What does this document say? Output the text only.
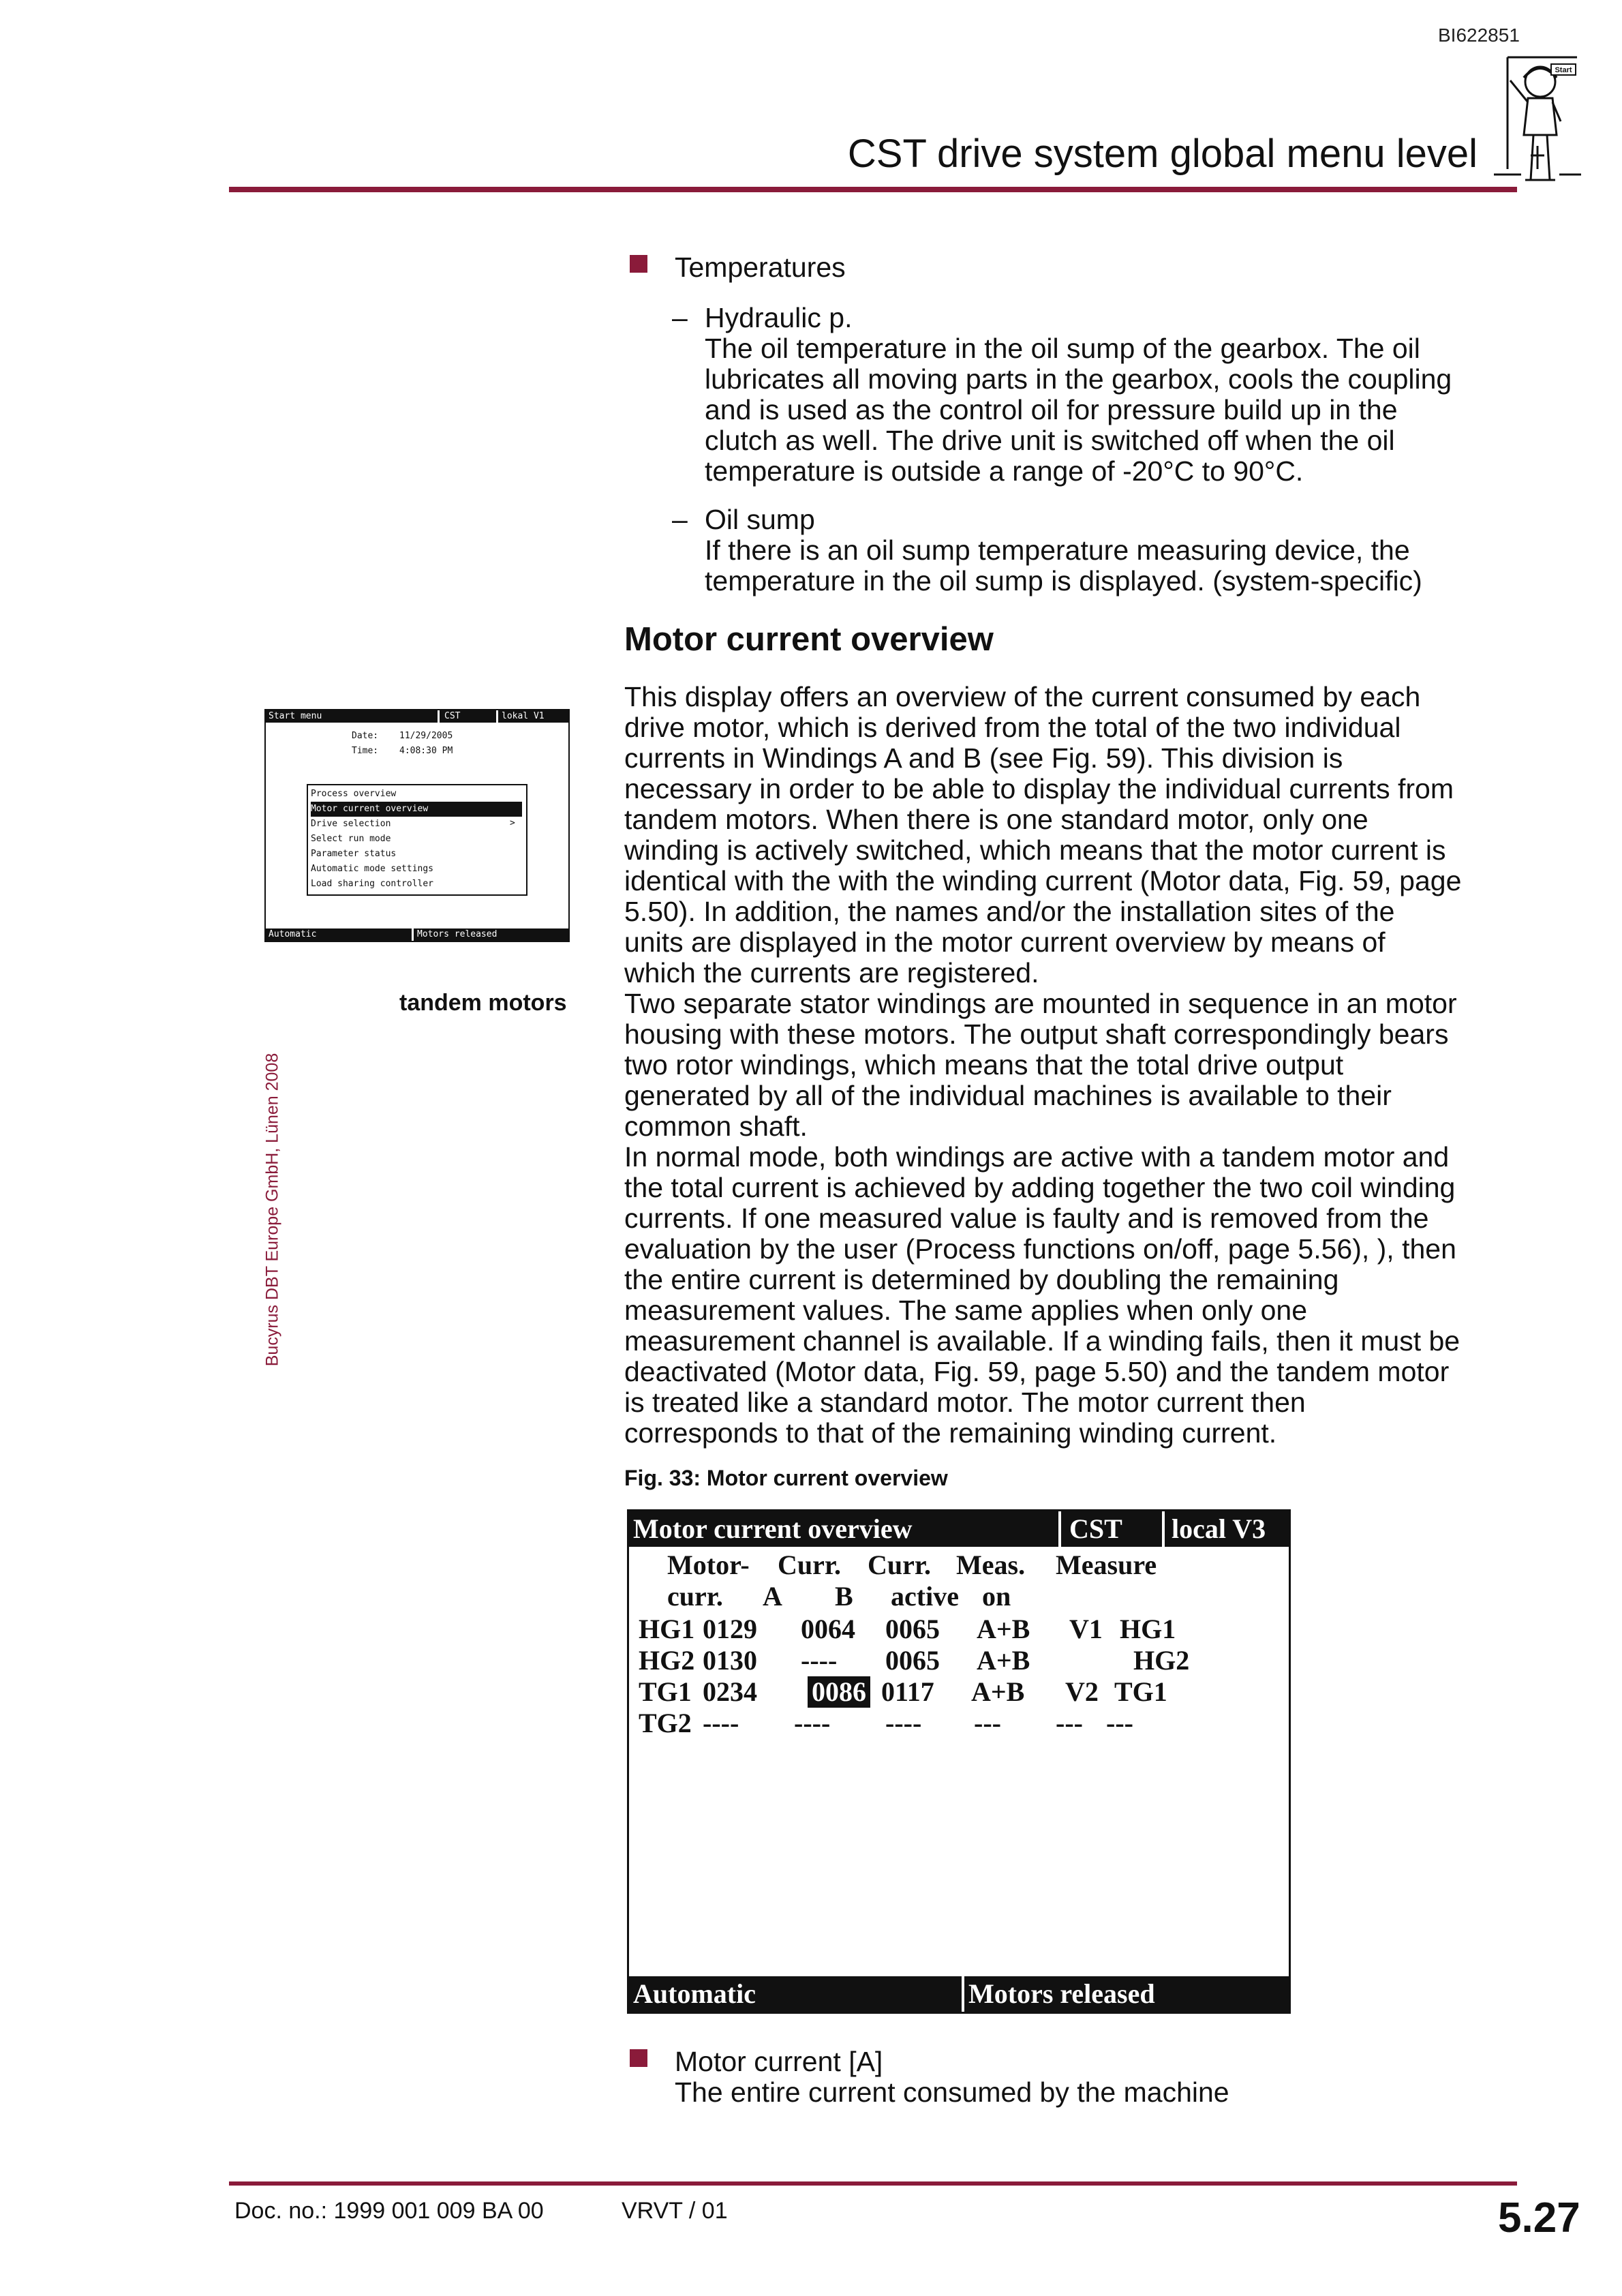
BI622851
CST drive system global menu level
Start
Bucyrus DBT Europe GmbH, Lünen 2008
Temperatures
– Hydraulic p.
The oil temperature in the oil sump of the gearbox. The oil
lubricates all moving parts in the gearbox, cools the coupling
and is used as the control oil for pressure build up in the
clutch as well. The drive unit is switched off when the oil
temperature is outside a range of -20°C to 90°C.
– Oil sump
If there is an oil sump temperature measuring device, the
temperature in the oil sump is displayed. (system-specific)
Motor current overview
Start menu	CST	lokal V1
Date: 11/29/2005
Time: 4:08:30 PM
Process overview
Motor current overview
Drive selection	>
Select run mode
Parameter status
Automatic mode settings
Load sharing controller
Automatic	Motors released
This display offers an overview of the current consumed by each
drive motor, which is derived from the total of the two individual
currents in Windings A and B (see Fig. 59). This division is
necessary in order to be able to display the individual currents from
tandem motors. When there is one standard motor, only one
winding is actively switched, which means that the motor current is
identical with the with the winding current (Motor data, Fig. 59, page
5.50). In addition, the names and/or the installation sites of the
units are displayed in the motor current overview by means of
which the currents are registered.
tandem motors Two separate stator windings are mounted in sequence in an motor
housing with these motors. The output shaft correspondingly bears
two rotor windings, which means that the total drive output
generated by all of the individual machines is available to their
common shaft.
In normal mode, both windings are active with a tandem motor and
the total current is achieved by adding together the two coil winding
currents. If one measured value is faulty and is removed from the
evaluation by the user (Process functions on/off, page 5.56), ), then
the entire current is determined by doubling the remaining
measurement values. The same applies when only one
measurement channel is available. If a winding fails, then it must be
deactivated (Motor data, Fig. 59, page 5.50) and the tandem motor
is treated like a standard motor. The motor current then
corresponds to that of the remaining winding current.
Fig. 33: Motor current overview
Motor current overview	CST local V3
Motor- Curr. Curr. Meas. Measure
curr. A B active on
HG1 0129 0064 0065 A+B V1 HG1
HG2 0130 ---- 0065 A+B	HG2
TG1 0234 0086 0117 A+B V2 TG1
TG2 ---- ---- ---- --- --- ---
Automatic	Motors released
Motor current [A]
The entire current consumed by the machine
Doc. no.: 1999 001 009 BA 00	VRVT / 01	5.27
